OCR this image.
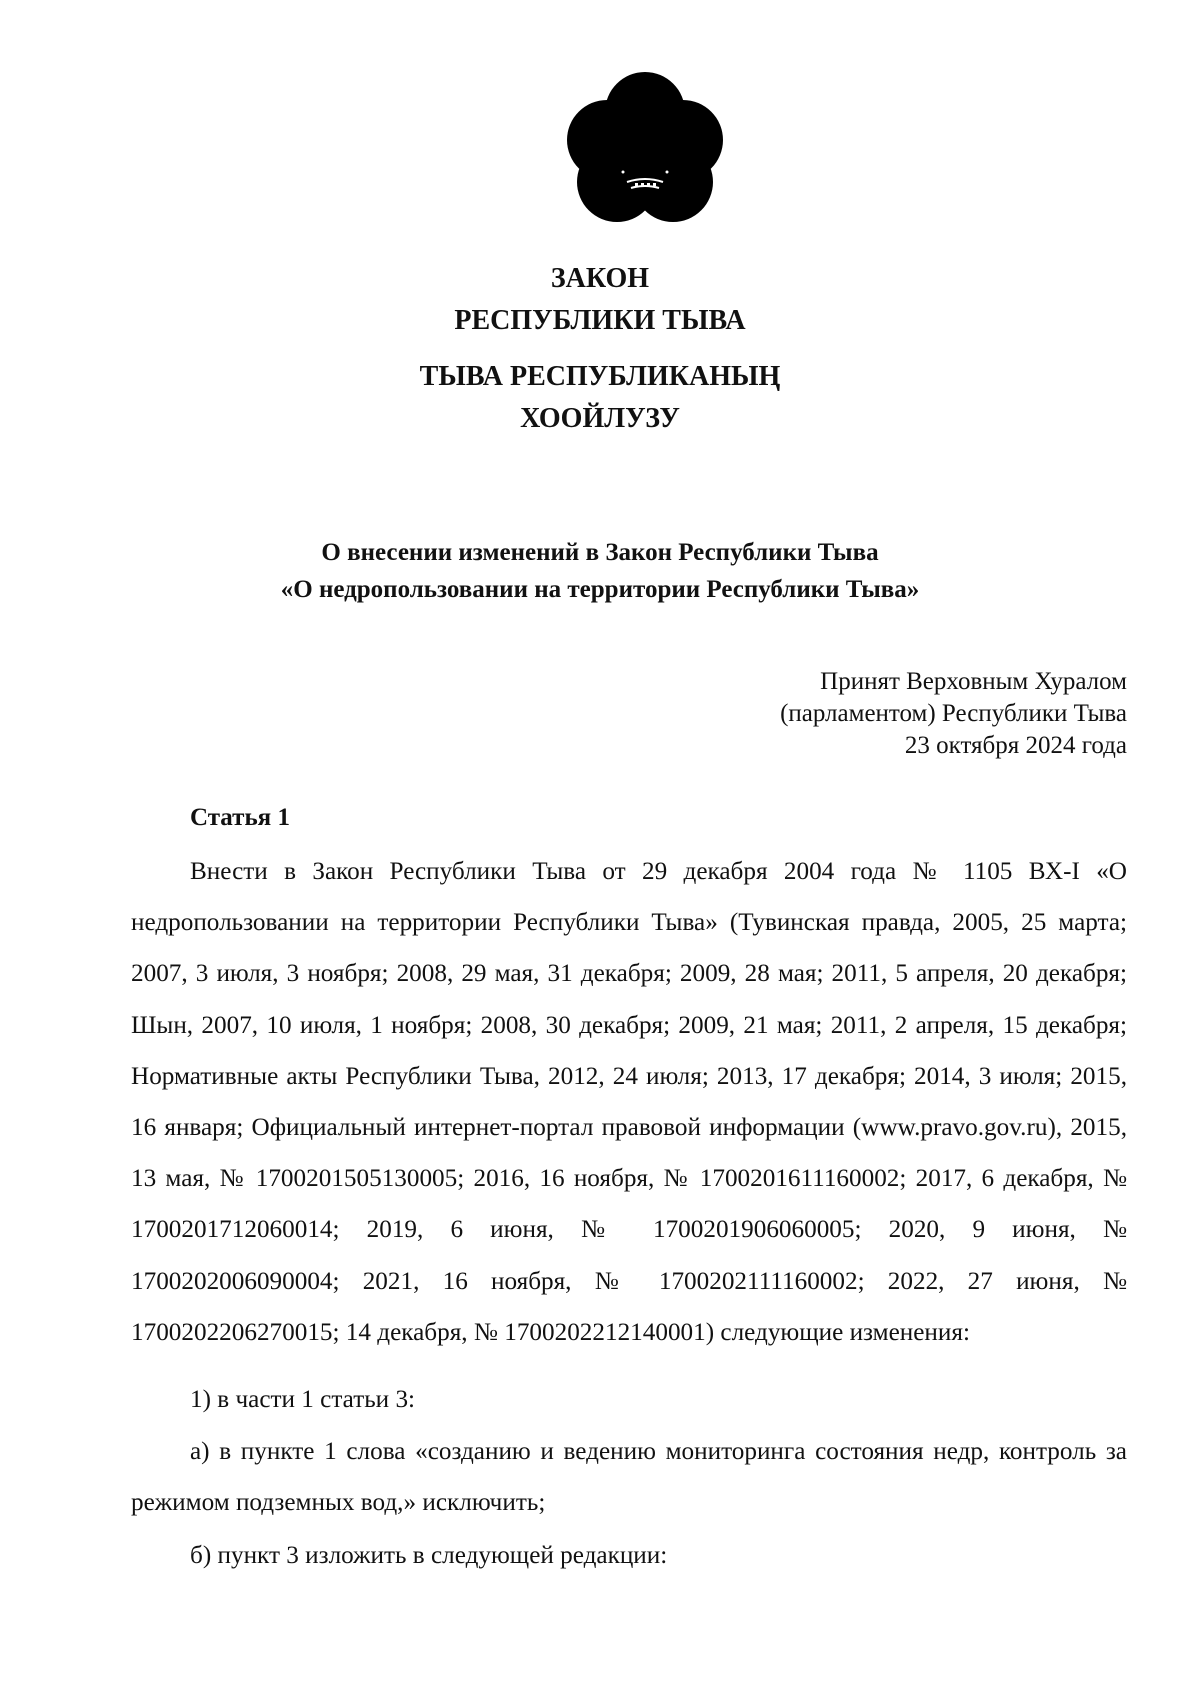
ЗАКОН
РЕСПУБЛИКИ ТЫВА
ТЫВА РЕСПУБЛИКАНЫҢ
ХООЙЛУЗУ
О внесении изменений в Закон Республики Тыва
«О недропользовании на территории Республики Тыва»
Принят Верховным Хуралом
(парламентом) Республики Тыва
23 октября 2024 года
Статья 1

Внести в Закон Республики Тыва от 29 декабря 2004 года № 1105 ВХ-I «О недропользовании на территории Республики Тыва» (Тувинская правда, 2005, 25 марта; 2007, 3 июля, 3 ноября; 2008, 29 мая, 31 декабря; 2009, 28 мая; 2011, 5 апреля, 20 декабря; Шын, 2007, 10 июля, 1 ноября; 2008, 30 декабря; 2009, 21 мая; 2011, 2 апреля, 15 декабря; Нормативные акты Республики Тыва, 2012, 24 июля; 2013, 17 декабря; 2014, 3 июля; 2015, 16 января; Официальный интернет-портал правовой информации (www.pravo.gov.ru), 2015, 13 мая, № 1700201505130005; 2016, 16 ноября, № 1700201611160002; 2017, 6 декабря, № 1700201712060014; 2019, 6 июня, № 1700201906060005; 2020, 9 июня, № 1700202006090004; 2021, 16 ноября, № 1700202111160002; 2022, 27 июня, № 1700202206270015; 14 декабря, № 1700202212140001) следующие изменения:

1) в части 1 статьи 3:

а) в пункте 1 слова «созданию и ведению мониторинга состояния недр, контроль за режимом подземных вод,» исключить;

б) пункт 3 изложить в следующей редакции:
